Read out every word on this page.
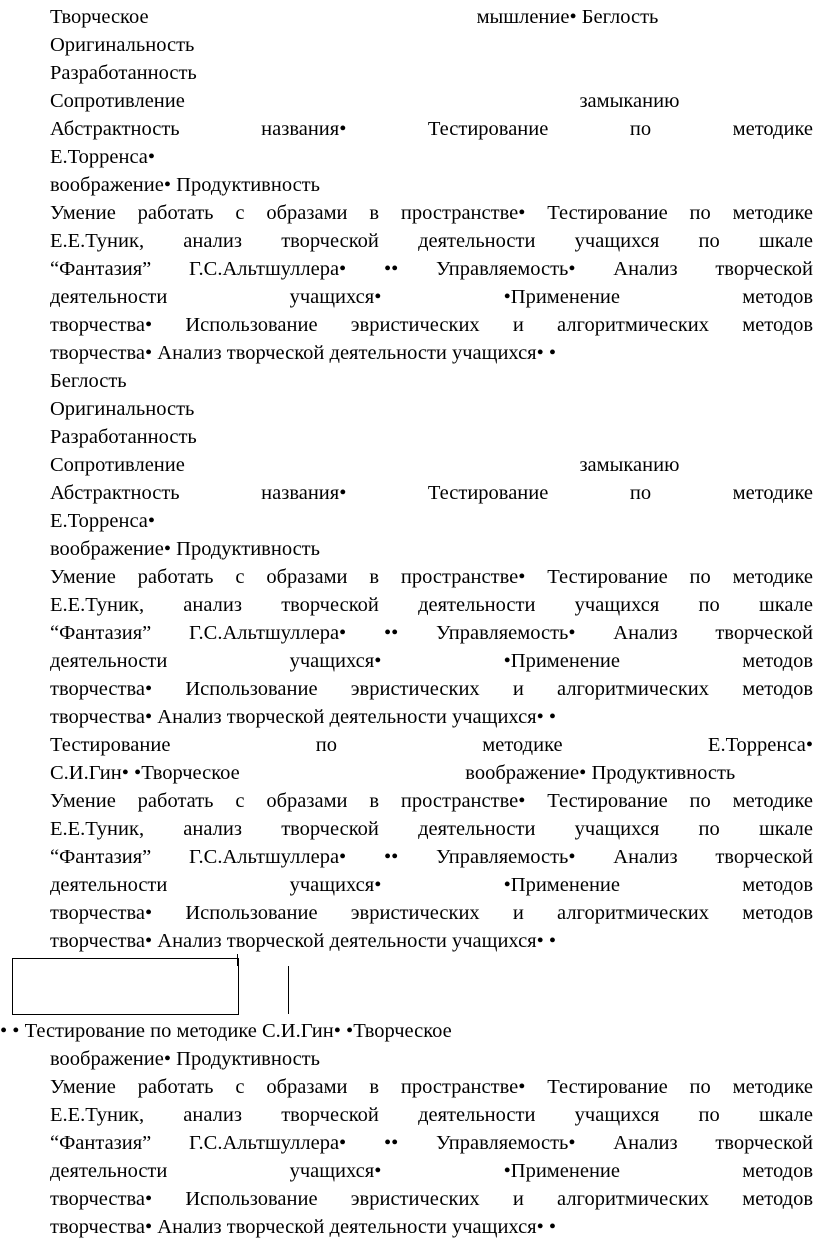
Творческое                                                                мышление• Беглость
Оригинальность
Разработанность
Сопротивление                                                                             замыканию
Абстрактность названия• Тестирование по методике
Е.Торренса•
воображение• Продуктивность
Умение работать с образами в пространстве• Тестирование по методике
Е.Е.Туник, анализ творческой деятельности учащихся по шкале
“Фантазия” Г.С.Альтшуллера• •• Управляемость• Анализ творческой
деятельности учащихся• •Применение методов
творчества• Использование эвристических и алгоритмических методов
творчества• Анализ творческой деятельности учащихся• •
Беглость
Оригинальность
Разработанность
Сопротивление                                                                             замыканию
Абстрактность названия• Тестирование по методике
Е.Торренса•
воображение• Продуктивность
Умение работать с образами в пространстве• Тестирование по методике
Е.Е.Туник, анализ творческой деятельности учащихся по шкале
“Фантазия” Г.С.Альтшуллера• •• Управляемость• Анализ творческой
деятельности учащихся• •Применение методов
творчества• Использование эвристических и алгоритмических методов
творчества• Анализ творческой деятельности учащихся• •
Тестирование по методике Е.Торренса•
С.И.Гин• •Творческое                                            воображение• Продуктивность
Умение работать с образами в пространстве• Тестирование по методике
Е.Е.Туник, анализ творческой деятельности учащихся по шкале
“Фантазия” Г.С.Альтшуллера• •• Управляемость• Анализ творческой
деятельности учащихся• •Применение методов
творчества• Использование эвристических и алгоритмических методов
творчества• Анализ творческой деятельности учащихся• •
• • Тестирование по методике С.И.Гин• •Творческое
воображение• Продуктивность
Умение работать с образами в пространстве• Тестирование по методике
Е.Е.Туник, анализ творческой деятельности учащихся по шкале
“Фантазия” Г.С.Альтшуллера• •• Управляемость• Анализ творческой
деятельности учащихся• •Применение методов
творчества• Использование эвристических и алгоритмических методов
творчества• Анализ творческой деятельности учащихся• •
